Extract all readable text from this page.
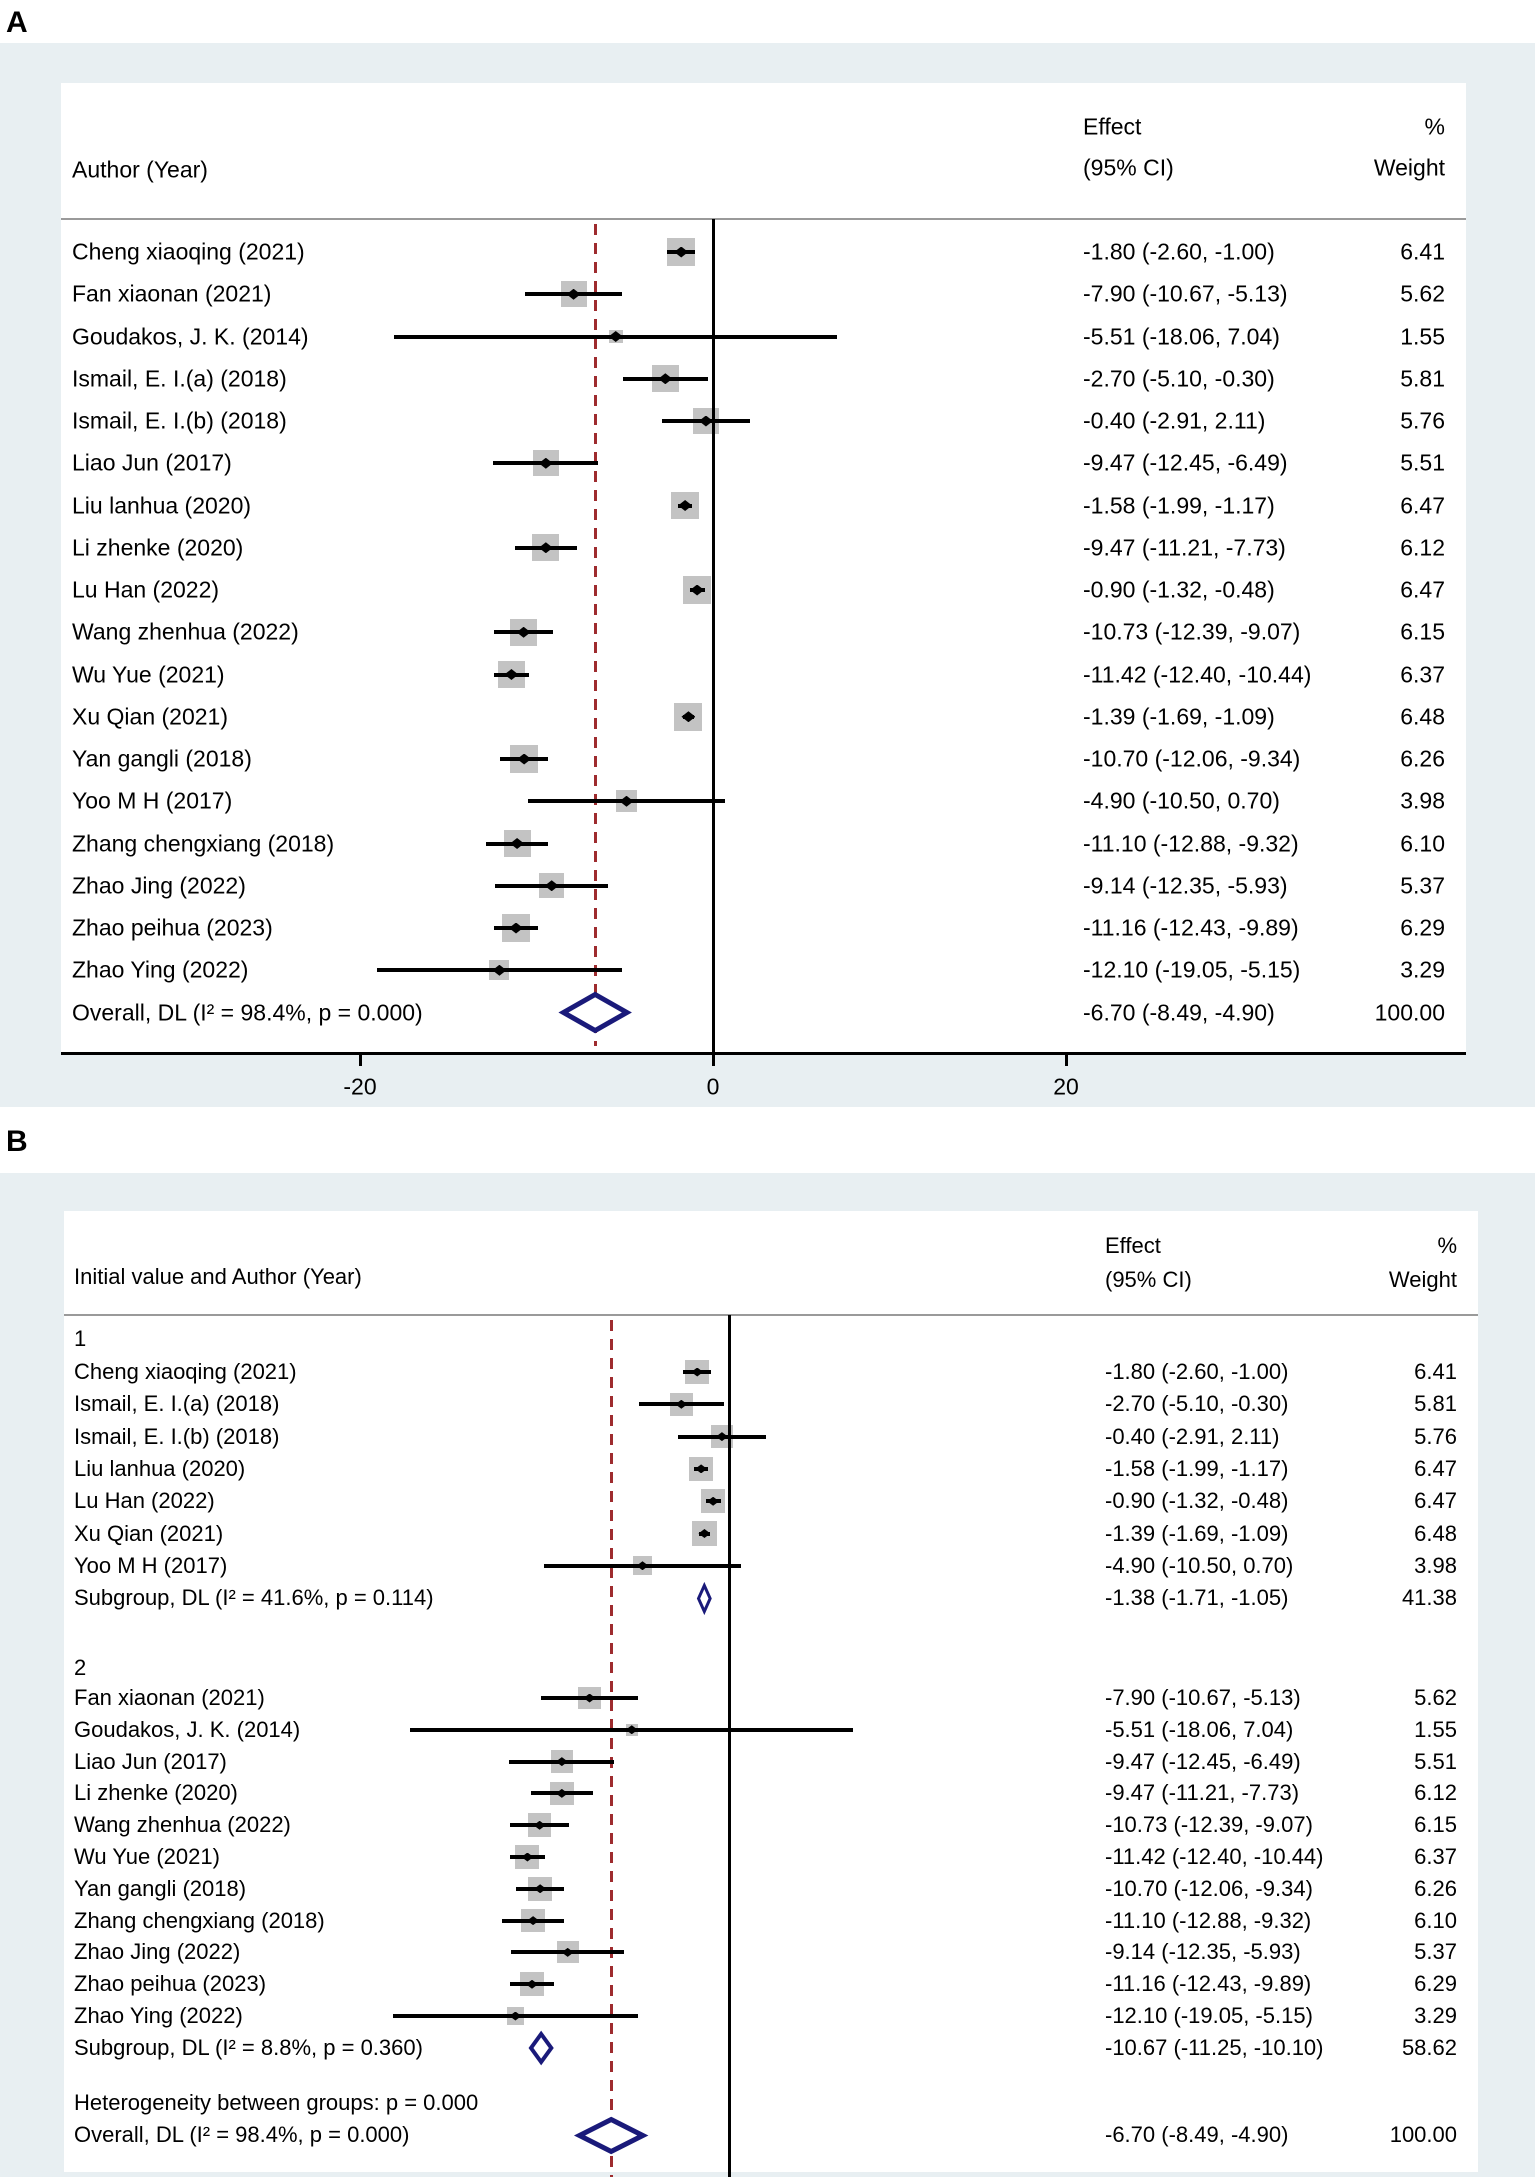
A
Author (Year)
Effect
(95% CI)
%
Weight
Cheng xiaoqing (2021)	-1.80 (-2.60, -1.00)	6.41
Fan xiaonan (2021)	-7.90 (-10.67, -5.13)	5.62
Goudakos, J. K. (2014)	-5.51 (-18.06, 7.04)	1.55
Ismail, E. I.(a) (2018)	-2.70 (-5.10, -0.30)	5.81
Ismail, E. I.(b) (2018)	-0.40 (-2.91, 2.11)	5.76
Liao Jun (2017)	-9.47 (-12.45, -6.49)	5.51
Liu lanhua (2020)	-1.58 (-1.99, -1.17)	6.47
Li zhenke (2020)	-9.47 (-11.21, -7.73)	6.12
Lu Han (2022)	-0.90 (-1.32, -0.48)	6.47
Wang zhenhua (2022)	-10.73 (-12.39, -9.07)	6.15
Wu Yue (2021)	-11.42 (-12.40, -10.44)	6.37
Xu Qian (2021)	-1.39 (-1.69, -1.09)	6.48
Yan gangli (2018)	-10.70 (-12.06, -9.34)	6.26
Yoo M H (2017)	-4.90 (-10.50, 0.70)	3.98
Zhang chengxiang (2018)	-11.10 (-12.88, -9.32)	6.10
Zhao Jing (2022)	-9.14 (-12.35, -5.93)	5.37
Zhao peihua (2023)	-11.16 (-12.43, -9.89)	6.29
Zhao Ying (2022)	-12.10 (-19.05, -5.15)	3.29
Overall, DL (I² = 98.4%, p = 0.000)	-6.70 (-8.49, -4.90)	100.00
-20	0	20
B
Initial value and Author (Year)
Effect
(95% CI)
%
Weight
1
Cheng xiaoqing (2021)	-1.80 (-2.60, -1.00)	6.41
Ismail, E. I.(a) (2018)	-2.70 (-5.10, -0.30)	5.81
Ismail, E. I.(b) (2018)	-0.40 (-2.91, 2.11)	5.76
Liu lanhua (2020)	-1.58 (-1.99, -1.17)	6.47
Lu Han (2022)	-0.90 (-1.32, -0.48)	6.47
Xu Qian (2021)	-1.39 (-1.69, -1.09)	6.48
Yoo M H (2017)	-4.90 (-10.50, 0.70)	3.98
Subgroup, DL (I² = 41.6%, p = 0.114)	-1.38 (-1.71, -1.05)	41.38
2
Fan xiaonan (2021)	-7.90 (-10.67, -5.13)	5.62
Goudakos, J. K. (2014)	-5.51 (-18.06, 7.04)	1.55
Liao Jun (2017)	-9.47 (-12.45, -6.49)	5.51
Li zhenke (2020)	-9.47 (-11.21, -7.73)	6.12
Wang zhenhua (2022)	-10.73 (-12.39, -9.07)	6.15
Wu Yue (2021)	-11.42 (-12.40, -10.44)	6.37
Yan gangli (2018)	-10.70 (-12.06, -9.34)	6.26
Zhang chengxiang (2018)	-11.10 (-12.88, -9.32)	6.10
Zhao Jing (2022)	-9.14 (-12.35, -5.93)	5.37
Zhao peihua (2023)	-11.16 (-12.43, -9.89)	6.29
Zhao Ying (2022)	-12.10 (-19.05, -5.15)	3.29
Subgroup, DL (I² = 8.8%, p = 0.360)	-10.67 (-11.25, -10.10)	58.62
Heterogeneity between groups: p = 0.000
Overall, DL (I² = 98.4%, p = 0.000)	-6.70 (-8.49, -4.90)	100.00
